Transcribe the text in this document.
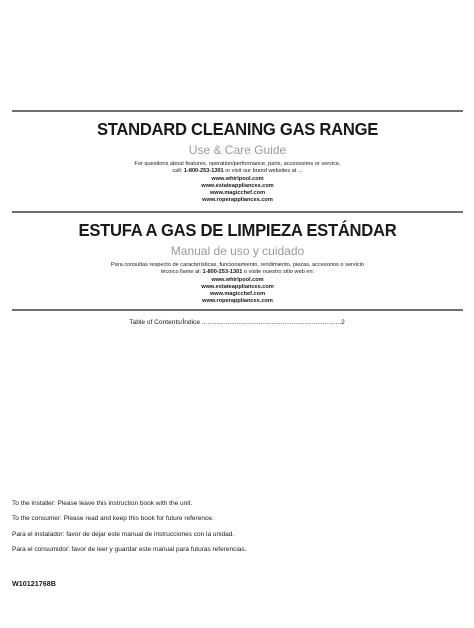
STANDARD CLEANING GAS RANGE
Use & Care Guide
For questions about features, operation/performance, parts, accessories or service,
call: 1-800-253-1301 or visit our brand websites at ...
www.whirlpool.com
www.estateappliances.com
www.magicchef.com
www.roperappliances.com
ESTUFA A GAS DE LIMPIEZA ESTÁNDAR
Manual de uso y cuidado
Para consultas respecto de características, funcionamiento, rendimiento, piezas, accesorios o servicio
técnico llame al: 1-800-253-1301 o visite nuestro sitio web en:
www.whirlpool.com
www.estateappliances.com
www.magicchef.com
www.roperappliances.com
Table of Contents/Índice ............................................................................2
To the installer: Please leave this instruction book with the unit.
To the consumer: Please read and keep this book for future reference.
Para el instalador: favor de dejar este manual de instrucciones con la unidad.
Para el consumidor: favor de leer y guardar este manual para futuras referencias.
W10121768B
